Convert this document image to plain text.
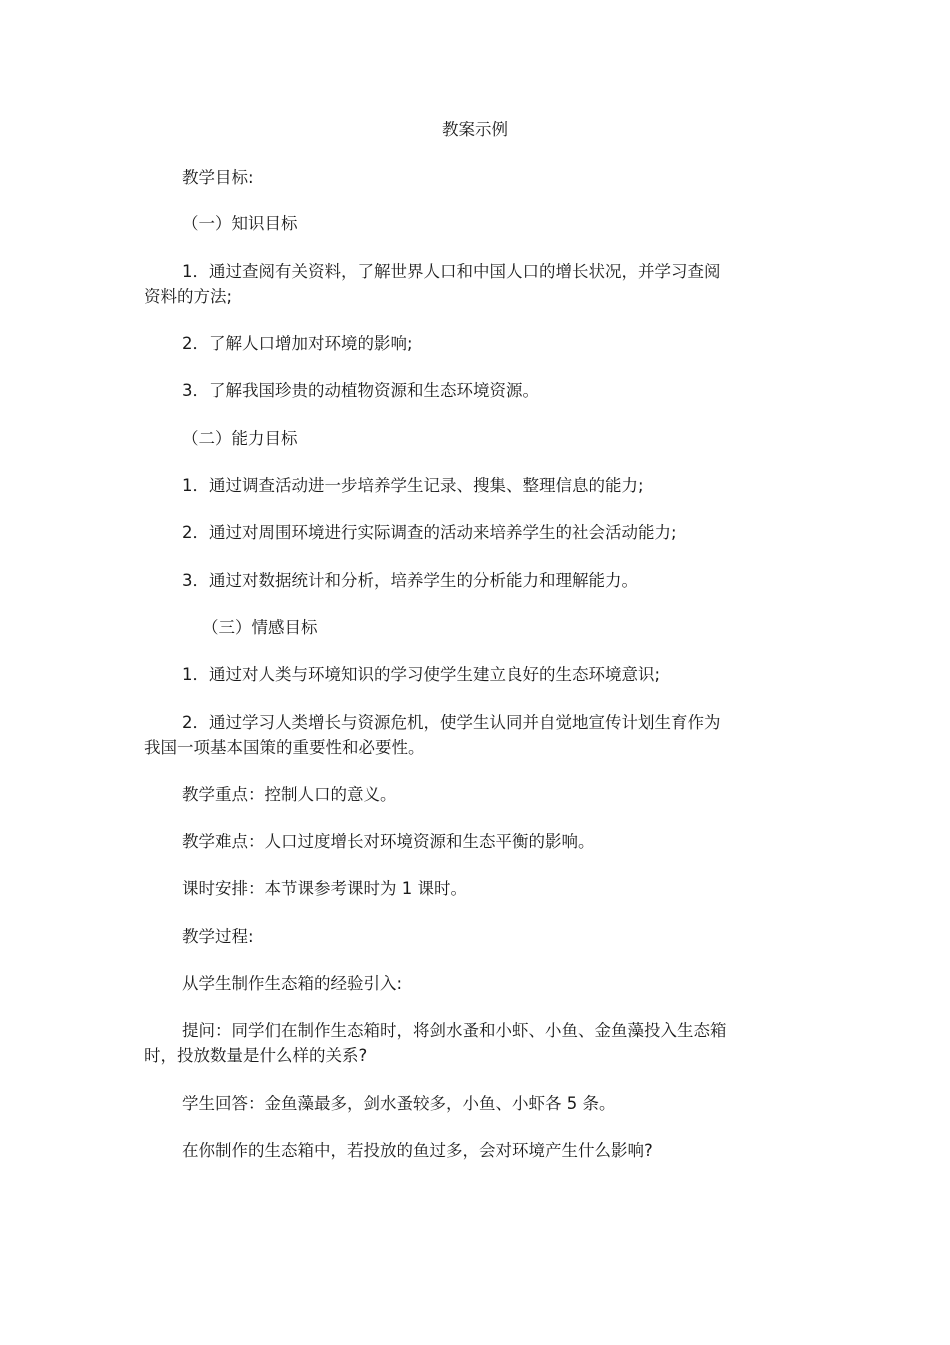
教案示例
教学目标:
（一）知识目标
1．通过查阅有关资料，了解世界人口和中国人口的增长状况，并学习查阅
资料的方法;
2．了解人口增加对环境的影响;
3．了解我国珍贵的动植物资源和生态环境资源。
（二）能力目标
1．通过调查活动进一步培养学生记录、搜集、整理信息的能力;
2．通过对周围环境进行实际调查的活动来培养学生的社会活动能力;
3．通过对数据统计和分析，培养学生的分析能力和理解能力。
（三）情感目标
1．通过对人类与环境知识的学习使学生建立良好的生态环境意识;
2．通过学习人类增长与资源危机，使学生认同并自觉地宣传计划生育作为
我国一项基本国策的重要性和必要性。
教学重点：控制人口的意义。
教学难点：人口过度增长对环境资源和生态平衡的影响。
课时安排：本节课参考课时为 1 课时。
教学过程:
从学生制作生态箱的经验引入:
提问：同学们在制作生态箱时，将剑水蚤和小虾、小鱼、金鱼藻投入生态箱
时，投放数量是什么样的关系?
学生回答：金鱼藻最多，剑水蚤较多，小鱼、小虾各 5 条。
在你制作的生态箱中，若投放的鱼过多，会对环境产生什么影响?
